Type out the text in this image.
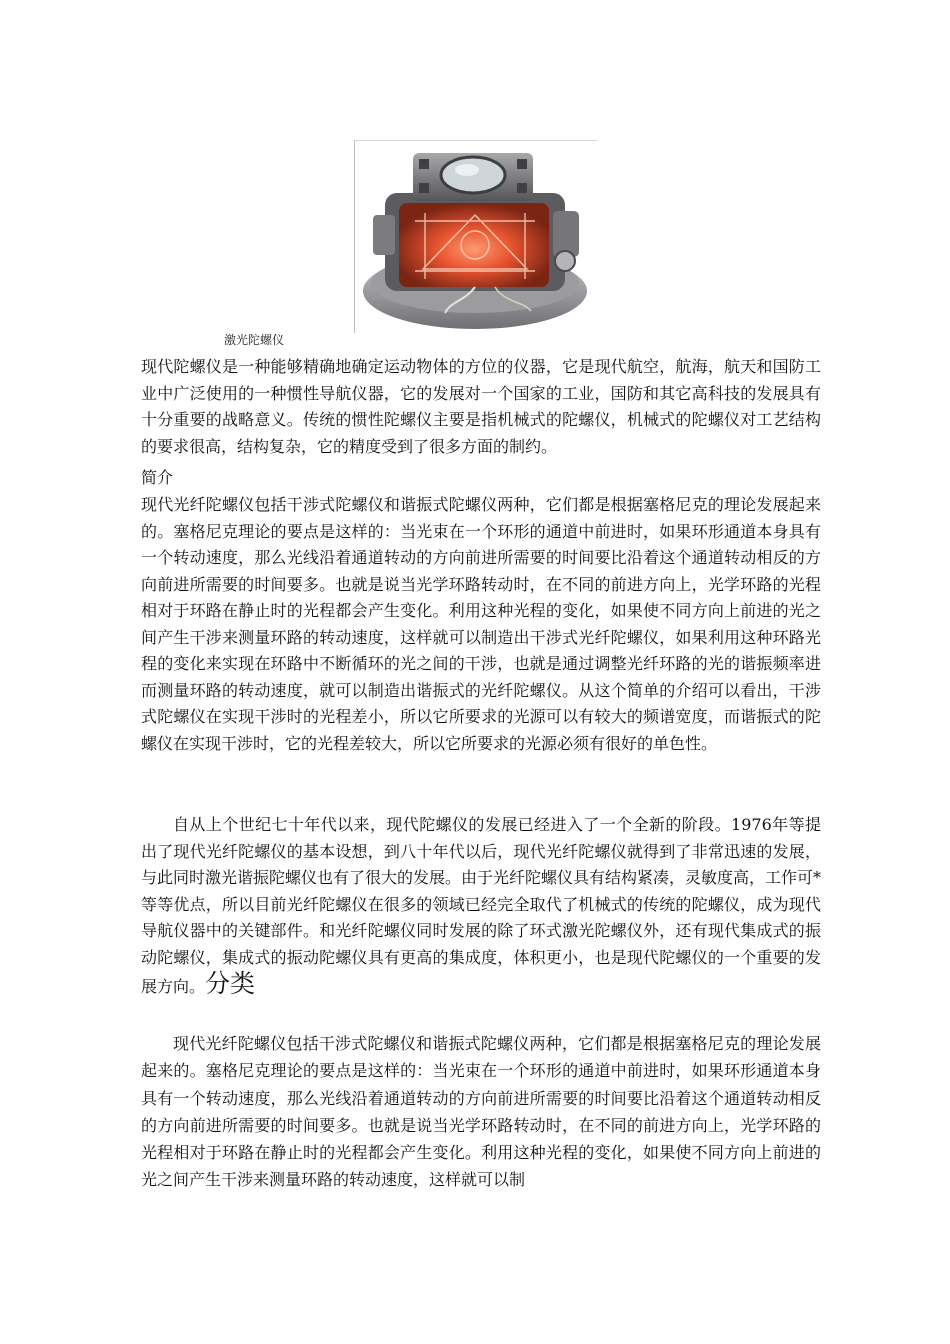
激光陀螺仪
现代陀螺仪是一种能够精确地确定运动物体的方位的仪器，它是现代航空，航海，航天和国防工业中广泛使用的一种惯性导航仪器，它的发展对一个国家的工业，国防和其它高科技的发展具有十分重要的战略意义。传统的惯性陀螺仪主要是指机械式的陀螺仪，机械式的陀螺仪对工艺结构的要求很高，结构复杂，它的精度受到了很多方面的制约。
简介
现代光纤陀螺仪包括干涉式陀螺仪和谐振式陀螺仪两种，它们都是根据塞格尼克的理论发展起来的。塞格尼克理论的要点是这样的：当光束在一个环形的通道中前进时，如果环形通道本身具有一个转动速度，那么光线沿着通道转动的方向前进所需要的时间要比沿着这个通道转动相反的方向前进所需要的时间要多。也就是说当光学环路转动时，在不同的前进方向上，光学环路的光程相对于环路在静止时的光程都会产生变化。利用这种光程的变化，如果使不同方向上前进的光之间产生干涉来测量环路的转动速度，这样就可以制造出干涉式光纤陀螺仪，如果利用这种环路光程的变化来实现在环路中不断循环的光之间的干涉，也就是通过调整光纤环路的光的谐振频率进而测量环路的转动速度，就可以制造出谐振式的光纤陀螺仪。从这个简单的介绍可以看出，干涉式陀螺仪在实现干涉时的光程差小，所以它所要求的光源可以有较大的频谱宽度，而谐振式的陀螺仪在实现干涉时，它的光程差较大，所以它所要求的光源必须有很好的单色性。
自从上个世纪七十年代以来，现代陀螺仪的发展已经进入了一个全新的阶段。1976年等提出了现代光纤陀螺仪的基本设想，到八十年代以后，现代光纤陀螺仪就得到了非常迅速的发展，与此同时激光谐振陀螺仪也有了很大的发展。由于光纤陀螺仪具有结构紧凑，灵敏度高，工作可*等等优点，所以目前光纤陀螺仪在很多的领域已经完全取代了机械式的传统的陀螺仪，成为现代导航仪器中的关键部件。和光纤陀螺仪同时发展的除了环式激光陀螺仪外，还有现代集成式的振动陀螺仪，集成式的振动陀螺仪具有更高的集成度，体积更小，也是现代陀螺仪的一个重要的发展方向。分类
现代光纤陀螺仪包括干涉式陀螺仪和谐振式陀螺仪两种，它们都是根据塞格尼克的理论发展起来的。塞格尼克理论的要点是这样的：当光束在一个环形的通道中前进时，如果环形通道本身具有一个转动速度，那么光线沿着通道转动的方向前进所需要的时间要比沿着这个通道转动相反的方向前进所需要的时间要多。也就是说当光学环路转动时，在不同的前进方向上，光学环路的光程相对于环路在静止时的光程都会产生变化。利用这种光程的变化，如果使不同方向上前进的光之间产生干涉来测量环路的转动速度，这样就可以制
